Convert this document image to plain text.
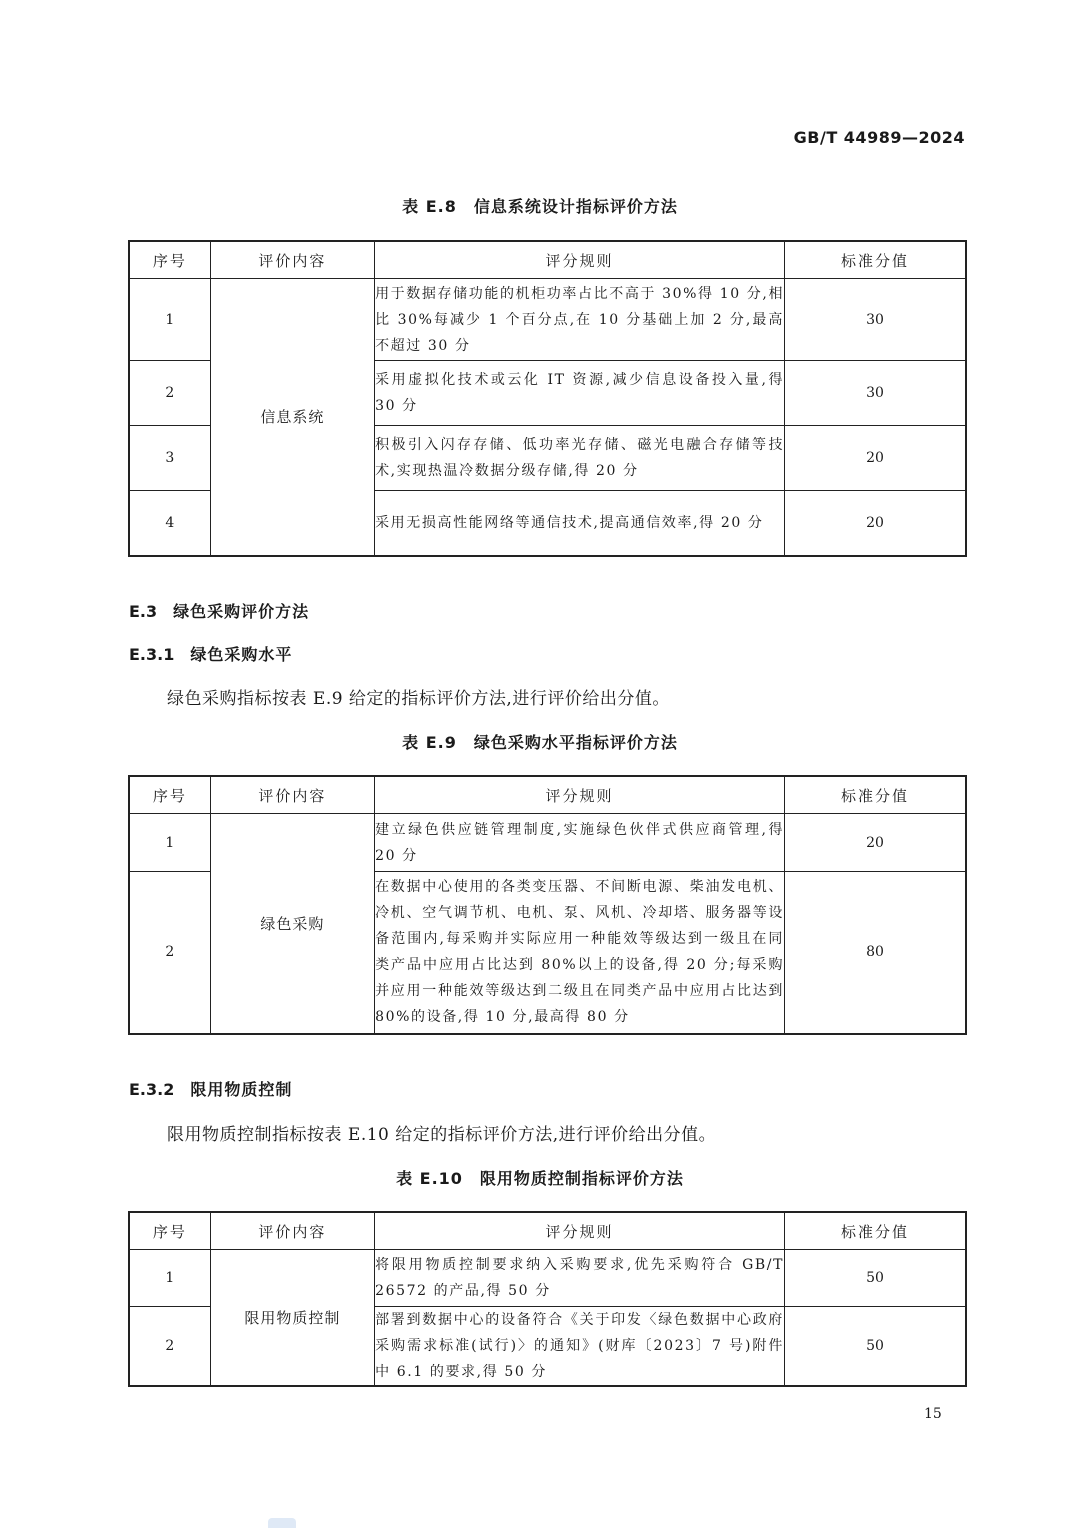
GB/T 44989—2024
表 E.8　信息系统设计指标评价方法
序号	评价内容	评分规则	标准分值
1	信息系统	用于数据存储功能的机柜功率占比不高于 30%得 10 分,相比 30%每减少 1 个百分点,在 10 分基础上加 2 分,最高不超过 30 分	30
2		采用虚拟化技术或云化 IT 资源,减少信息设备投入量,得 30 分	30
3		积极引入闪存存储、低功率光存储、磁光电融合存储等技术,实现热温冷数据分级存储,得 20 分	20
4		采用无损高性能网络等通信技术,提高通信效率,得 20 分	20
E.3 绿色采购评价方法
E.3.1 绿色采购水平
绿色采购指标按表 E.9 给定的指标评价方法,进行评价给出分值。
表 E.9　绿色采购水平指标评价方法
序号	评价内容	评分规则	标准分值
1	绿色采购	建立绿色供应链管理制度,实施绿色伙伴式供应商管理,得 20 分	20
2		在数据中心使用的各类变压器、不间断电源、柴油发电机、冷机、空气调节机、电机、泵、风机、冷却塔、服务器等设备范围内,每采购并实际应用一种能效等级达到一级且在同类产品中应用占比达到 80%以上的设备,得 20 分;每采购并应用一种能效等级达到二级且在同类产品中应用占比达到 80%的设备,得 10 分,最高得 80 分	80
E.3.2 限用物质控制
限用物质控制指标按表 E.10 给定的指标评价方法,进行评价给出分值。
表 E.10　限用物质控制指标评价方法
序号	评价内容	评分规则	标准分值
1	限用物质控制	将限用物质控制要求纳入采购要求,优先采购符合 GB/T 26572 的产品,得 50 分	50
2		部署到数据中心的设备符合《关于印发〈绿色数据中心政府采购需求标准(试行)〉的通知》(财库〔2023〕7 号)附件中 6.1 的要求,得 50 分	50
15
